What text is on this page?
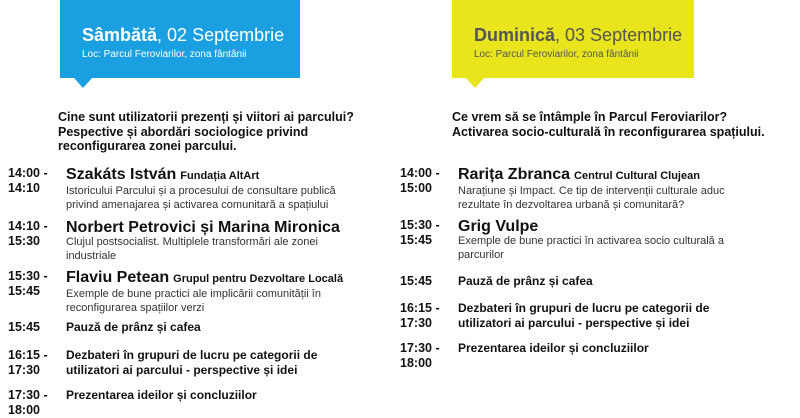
Sâmbătă, 02 Septembrie
Loc: Parcul Feroviarilor, zona fântânii
Duminică, 03 Septembrie
Loc: Parcul Feroviarilor, zona fântânii
Cine sunt utilizatorii prezenți și viitori ai parcului?
Pespective și abordări sociologice privind
reconfigurarea zonei parcului.
Ce vrem să se întâmple în Parcul Feroviarilor?
Activarea socio-culturală în reconfigurarea spațiului.
14:00 -
14:10
Szakáts István Fundația AltArt
Istoricului Parcului și a procesului de consultare publică
privind amenajarea și activarea comunitară a spațiului
14:10 -
15:30
Norbert Petrovici și Marina Mironica
Clujul postsocialist. Multiplele transformări ale zonei
industriale
15:30 -
15:45
Flaviu Petean Grupul pentru Dezvoltare Locală
Exemple de bune practici ale implicării comunității în
reconfigurarea spațiilor verzi
15:45	Pauză de prânz și cafea
16:15 -
17:30
Dezbateri în grupuri de lucru pe categorii de
utilizatori ai parcului - perspective și idei
17:30 -
18:00
Prezentarea ideilor și concluziilor
14:00 -
15:00
Rarița Zbranca Centrul Cultural Clujean
Narațiune și Impact. Ce tip de intervenții culturale aduc
rezultate în dezvoltarea urbană și comunitară?
15:30 -
15:45
Grig Vulpe
Exemple de bune practici în activarea socio culturală a
parcurilor
15:45	Pauză de prânz și cafea
16:15 -
17:30
Dezbateri în grupuri de lucru pe categorii de
utilizatori ai parcului - perspective și idei
17:30 -
18:00
Prezentarea ideilor și concluziilor
